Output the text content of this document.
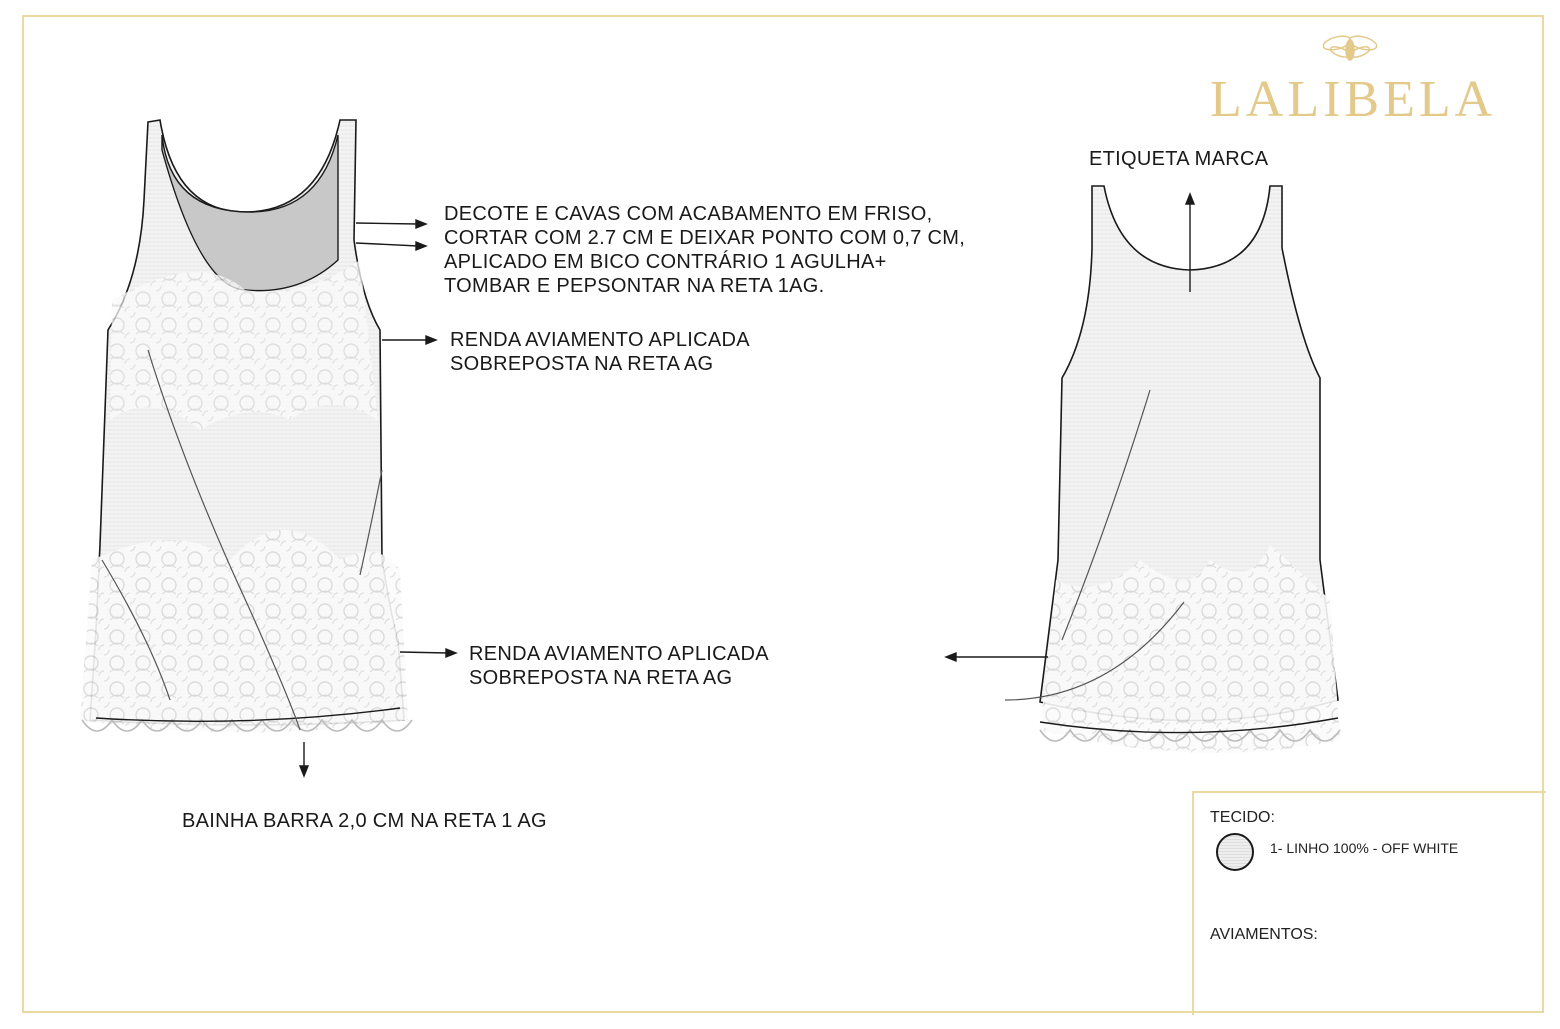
LALIBELA
DECOTE E CAVAS COM ACABAMENTO EM FRISO,
CORTAR COM 2.7 CM E DEIXAR PONTO COM 0,7 CM,
APLICADO EM BICO CONTRÁRIO 1 AGULHA+
TOMBAR E PEPSONTAR NA RETA 1AG.
RENDA AVIAMENTO APLICADA
SOBREPOSTA NA RETA AG
RENDA AVIAMENTO APLICADA
SOBREPOSTA NA RETA AG
BAINHA BARRA 2,0 CM NA RETA 1 AG
ETIQUETA MARCA
TECIDO:
1- LINHO 100% - OFF WHITE
AVIAMENTOS:
